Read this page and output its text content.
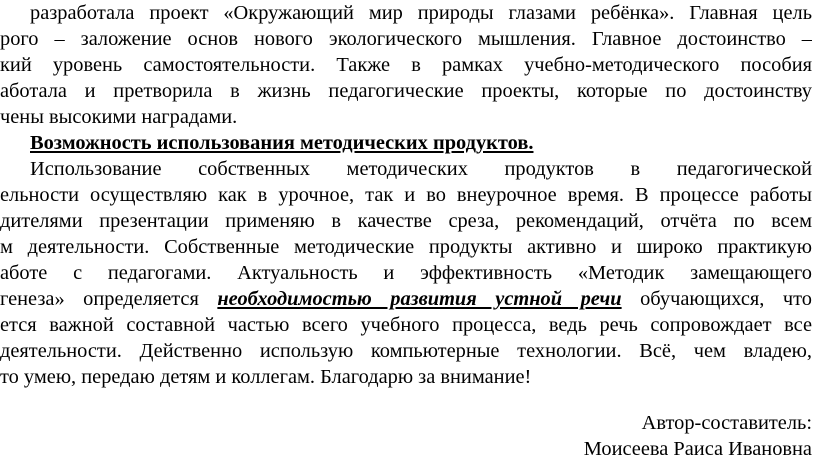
разработала проект «Окружающий мир природы глазами ребёнка». Главная цель
рого – заложение основ нового экологического мышления. Главное достоинство –
кий уровень самостоятельности. Также в рамках учебно-методического пособия
аботала и претворила в жизнь педагогические проекты, которые по достоинству
чены высокими наградами.
Возможность использования методических продуктов.
Использование собственных методических продуктов в педагогической
ельности осуществляю как в урочное, так и во внеурочное время. В процессе работы
дителями презентации применяю в качестве среза, рекомендаций, отчёта по всем
м деятельности. Собственные методические продукты активно и широко практикую
аботе с педагогами. Актуальность и эффективность «Методик замещающего
генеза» определяется необходимостью развития устной речи обучающихся, что
ется важной составной частью всего учебного процесса, ведь речь сопровождает все
деятельности. Действенно использую компьютерные технологии. Всё, чем владею,
то умею, передаю детям и коллегам. Благодарю за внимание!
Автор-составитель:
Моисеева Раиса Ивановна
